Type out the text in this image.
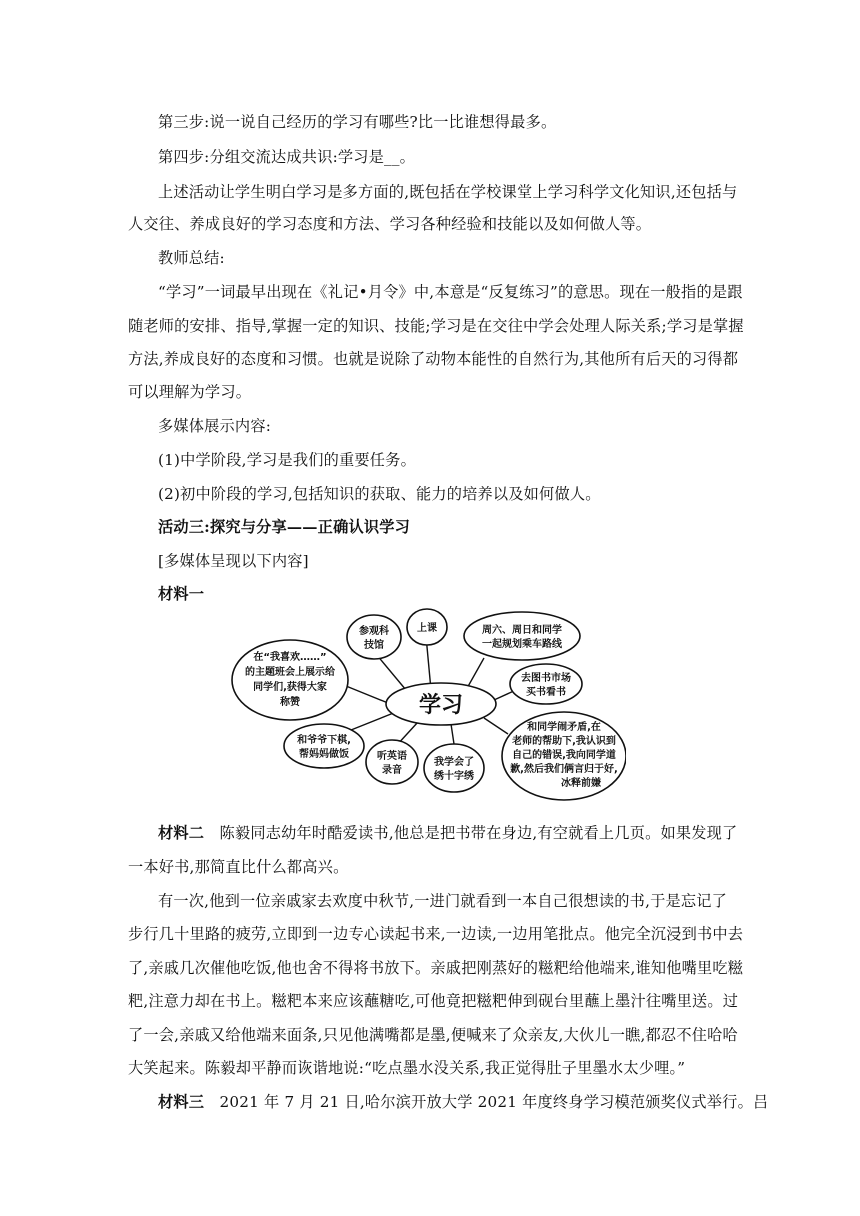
第三步:说一说自己经历的学习有哪些?比一比谁想得最多。
第四步:分组交流达成共识:学习是__。
上述活动让学生明白学习是多方面的,既包括在学校课堂上学习科学文化知识,还包括与
人交往、养成良好的学习态度和方法、学习各种经验和技能以及如何做人等。
教师总结:
“学习”一词最早出现在《礼记•月令》中,本意是“反复练习”的意思。现在一般指的是跟
随老师的安排、指导,掌握一定的知识、技能;学习是在交往中学会处理人际关系;学习是掌握
方法,养成良好的态度和习惯。也就是说除了动物本能性的自然行为,其他所有后天的习得都
可以理解为学习。
多媒体展示内容:
(1)中学阶段,学习是我们的重要任务。
(2)初中阶段的学习,包括知识的获取、能力的培养以及如何做人。
活动三:探究与分享——正确认识学习
[多媒体呈现以下内容]
材料一
学习
参观科
技馆
上课	周六、周日和同学
一起规划乘车路线
去图书市场
买书看书
和同学闹矛盾,在
老师的帮助下,我认识到
自己的错误,我向同学道
歉,然后我们俩言归于好,
冰释前嫌
我学会了
绣十字绣
听英语
录音
和爷爷下棋,
帮妈妈做饭
在“我喜欢……”
的主题班会上展示给
同学们,获得大家
称赞
材料二　陈毅同志幼年时酷爱读书,他总是把书带在身边,有空就看上几页。如果发现了
一本好书,那简直比什么都高兴。
有一次,他到一位亲戚家去欢度中秋节,一进门就看到一本自己很想读的书,于是忘记了
步行几十里路的疲劳,立即到一边专心读起书来,一边读,一边用笔批点。他完全沉浸到书中去
了,亲戚几次催他吃饭,他也舍不得将书放下。亲戚把刚蒸好的糍粑给他端来,谁知他嘴里吃糍
粑,注意力却在书上。糍粑本来应该蘸糖吃,可他竟把糍粑伸到砚台里蘸上墨汁往嘴里送。过
了一会,亲戚又给他端来面条,只见他满嘴都是墨,便喊来了众亲友,大伙儿一瞧,都忍不住哈哈
大笑起来。陈毅却平静而诙谐地说:“吃点墨水没关系,我正觉得肚子里墨水太少哩。”
材料三　2021 年 7 月 21 日,哈尔滨开放大学 2021 年度终身学习模范颁奖仪式举行。吕
